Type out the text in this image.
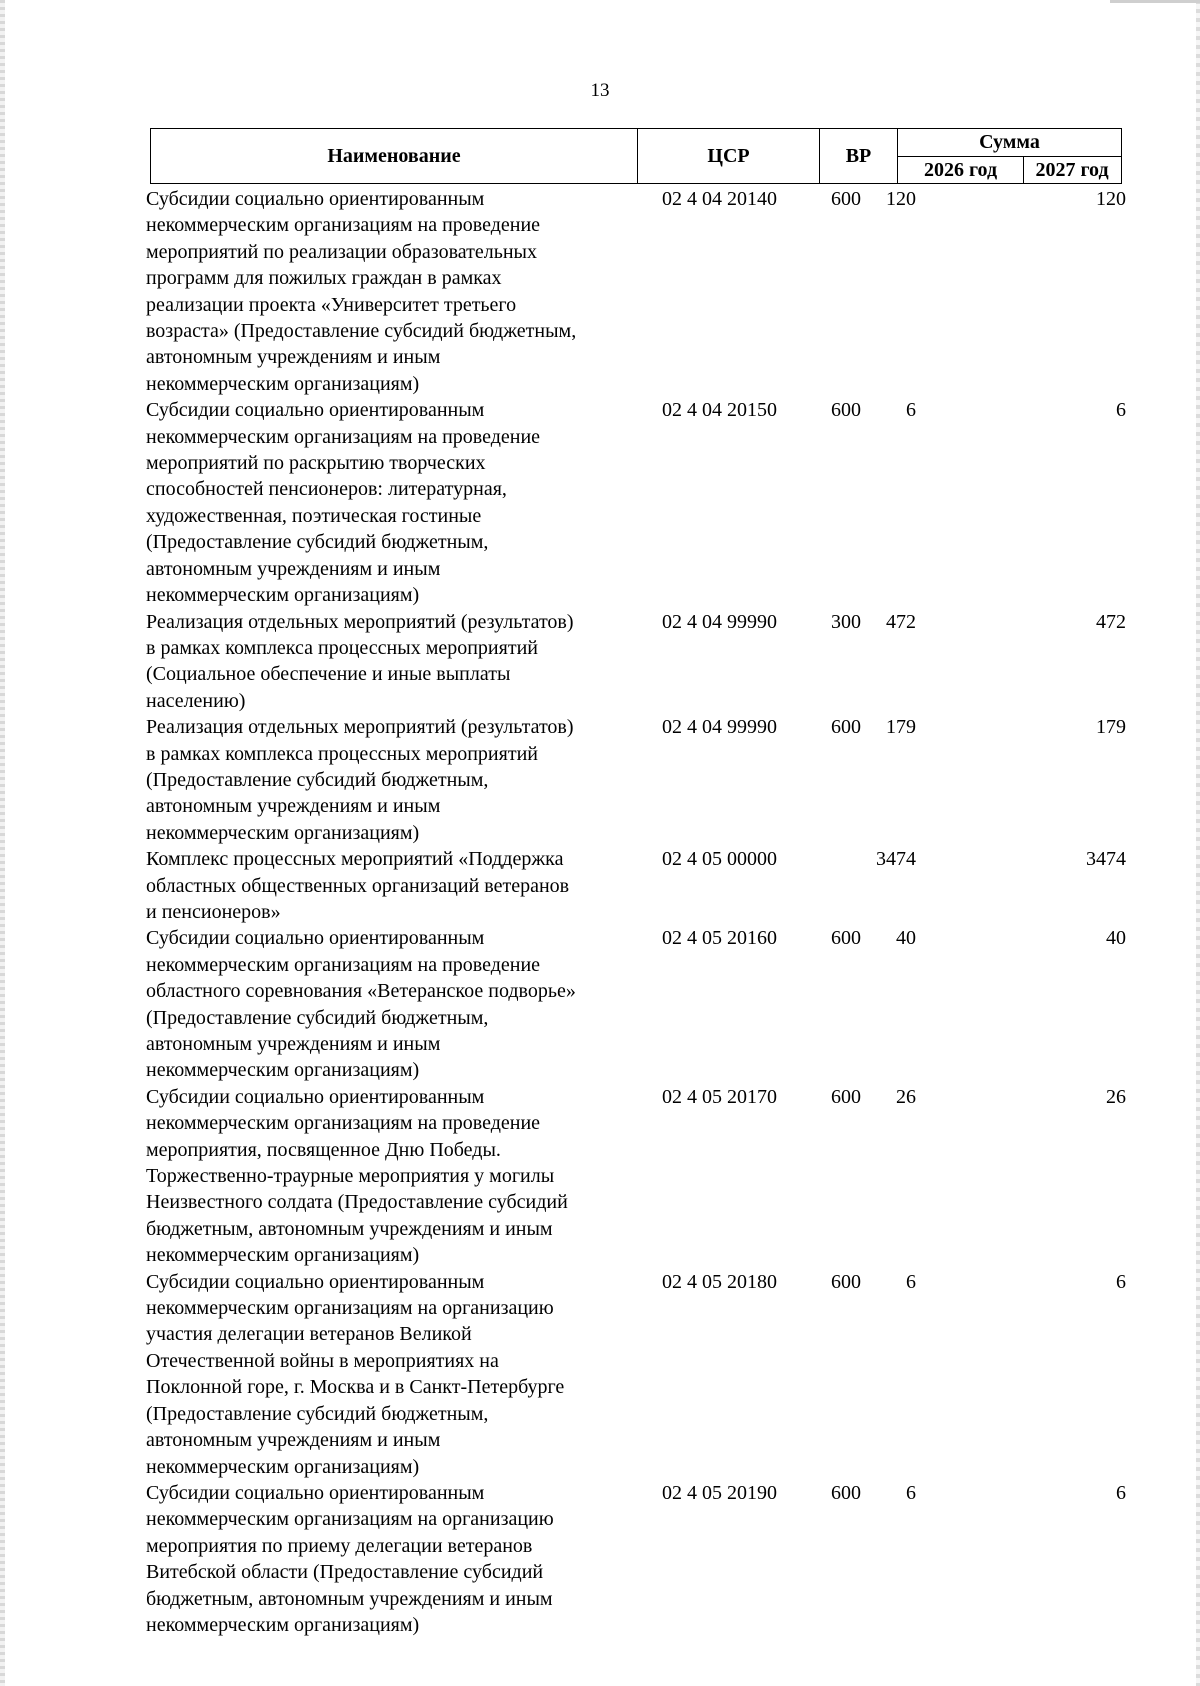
13
Наименование	ЦСР	ВР
Сумма
2026 год	2027 год
Субсидии социально ориентированным
некоммерческим организациям на проведение
мероприятий по реализации образовательных
программ для пожилых граждан в рамках
реализации проекта «Университет третьего
возраста» (Предоставление субсидий бюджетным,
автономным учреждениям и иным
некоммерческим организациям)
02 4 04 20140	600 120	120
Субсидии социально ориентированным
некоммерческим организациям на проведение
мероприятий по раскрытию творческих
способностей пенсионеров: литературная,
художественная, поэтическая гостиные
(Предоставление субсидий бюджетным,
автономным учреждениям и иным
некоммерческим организациям)
02 4 04 20150	600 6	6
Реализация отдельных мероприятий (результатов)
в рамках комплекса процессных мероприятий
(Социальное обеспечение и иные выплаты
населению)
02 4 04 99990	300 472	472
Реализация отдельных мероприятий (результатов)
в рамках комплекса процессных мероприятий
(Предоставление субсидий бюджетным,
автономным учреждениям и иным
некоммерческим организациям)
02 4 04 99990	600 179	179
Комплекс процессных мероприятий «Поддержка
областных общественных организаций ветеранов
и пенсионеров»
02 4 05 00000	3474	3474
Субсидии социально ориентированным
некоммерческим организациям на проведение
областного соревнования «Ветеранское подворье»
(Предоставление субсидий бюджетным,
автономным учреждениям и иным
некоммерческим организациям)
02 4 05 20160	600 40	40
Субсидии социально ориентированным
некоммерческим организациям на проведение
мероприятия, посвященное Дню Победы.
Торжественно-траурные мероприятия у могилы
Неизвестного солдата (Предоставление субсидий
бюджетным, автономным учреждениям и иным
некоммерческим организациям)
02 4 05 20170	600 26	26
Субсидии социально ориентированным
некоммерческим организациям на организацию
участия делегации ветеранов Великой
Отечественной войны в мероприятиях на
Поклонной горе, г. Москва и в Санкт-Петербурге
(Предоставление субсидий бюджетным,
автономным учреждениям и иным
некоммерческим организациям)
02 4 05 20180	600 6	6
Субсидии социально ориентированным
некоммерческим организациям на организацию
мероприятия по приему делегации ветеранов
Витебской области (Предоставление субсидий
бюджетным, автономным учреждениям и иным
некоммерческим организациям)
02 4 05 20190	600 6	6
